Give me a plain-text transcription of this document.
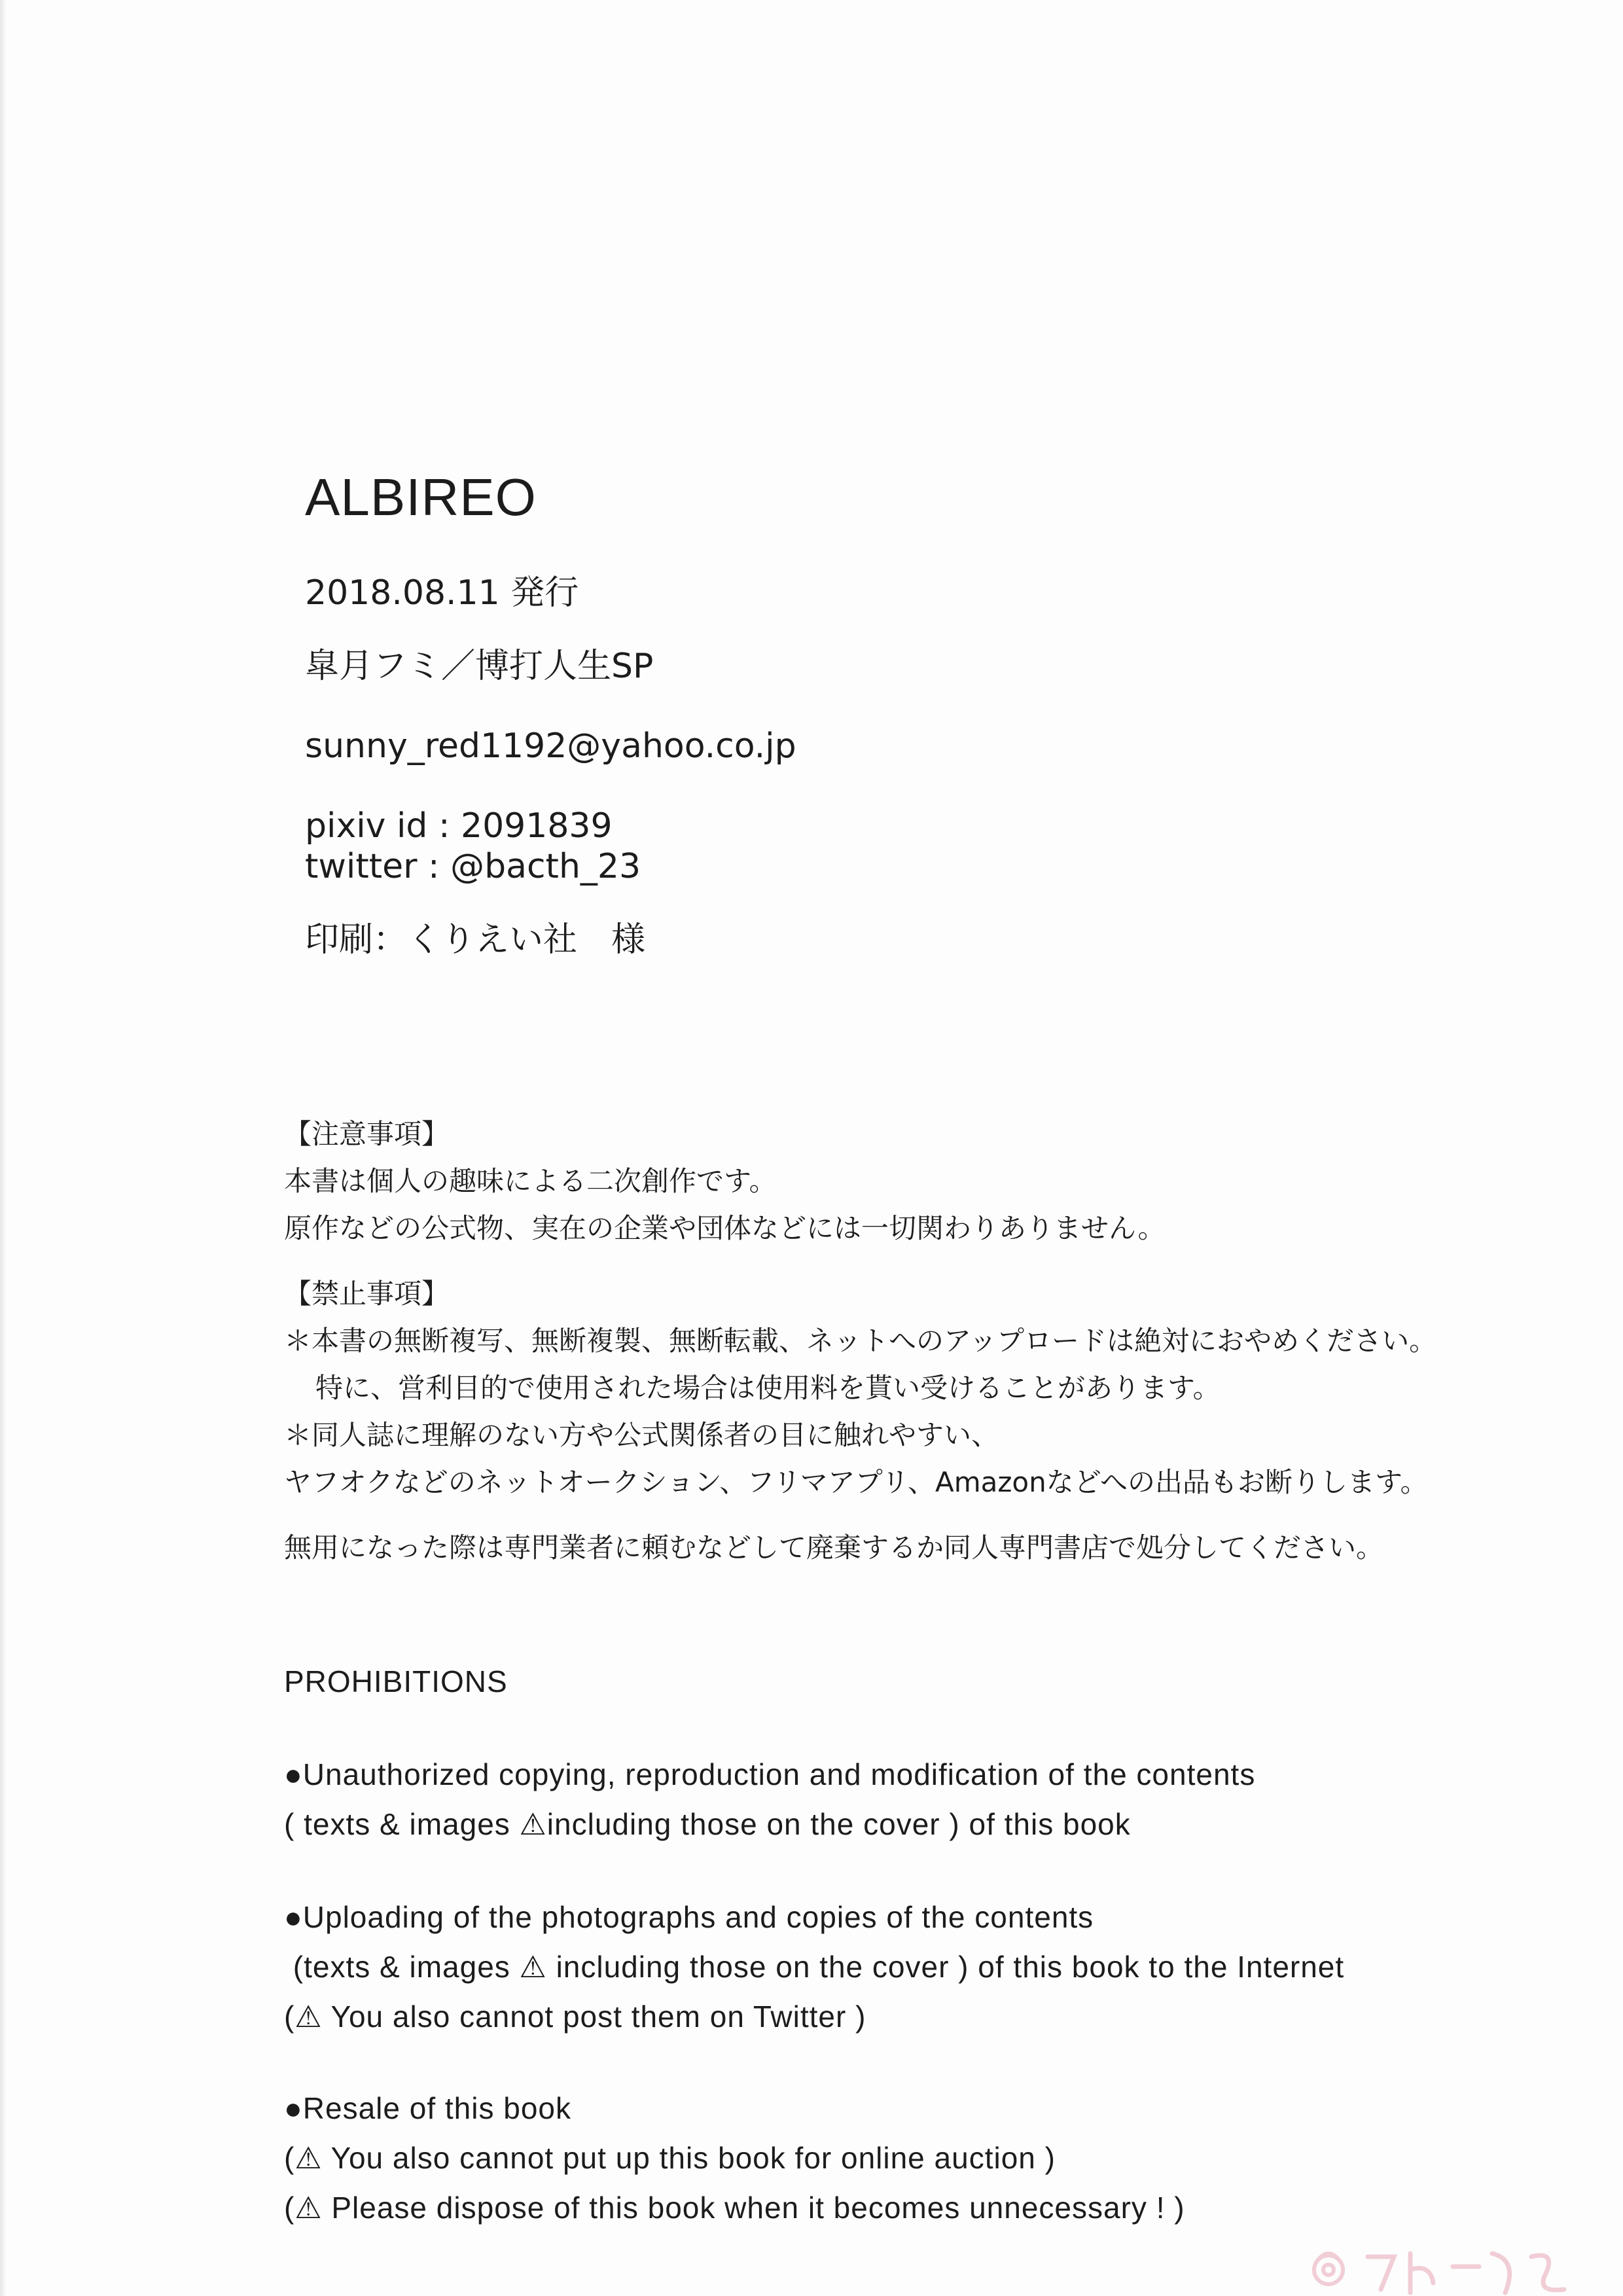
ALBIREO
2018.08.11 発行
皐月フミ／博打人生SP
sunny_red1192@yahoo.co.jp
pixiv id : 2091839
twitter : @bacth_23
印刷：くりえい社　様
【注意事項】
本書は個人の趣味による二次創作です。
原作などの公式物、実在の企業や団体などには一切関わりありません。
【禁止事項】
＊本書の無断複写、無断複製、無断転載、ネットへのアップロードは絶対におやめください。
特に、営利目的で使用された場合は使用料を貰い受けることがあります。
＊同人誌に理解のない方や公式関係者の目に触れやすい、
ヤフオクなどのネットオークション、フリマアプリ、Amazonなどへの出品もお断りします。
無用になった際は専門業者に頼むなどして廃棄するか同人専門書店で処分してください。
PROHIBITIONS
●Unauthorized copying, reproduction and modification of the contents
( texts & images ⚠including those on the cover ) of this book
●Uploading of the photographs and copies of the contents
(texts & images ⚠ including those on the cover ) of this book to the Internet
(⚠ You also cannot post them on Twitter )
●Resale of this book
(⚠ You also cannot put up this book for online auction )
(⚠ Please dispose of this book when it becomes unnecessary ! )
